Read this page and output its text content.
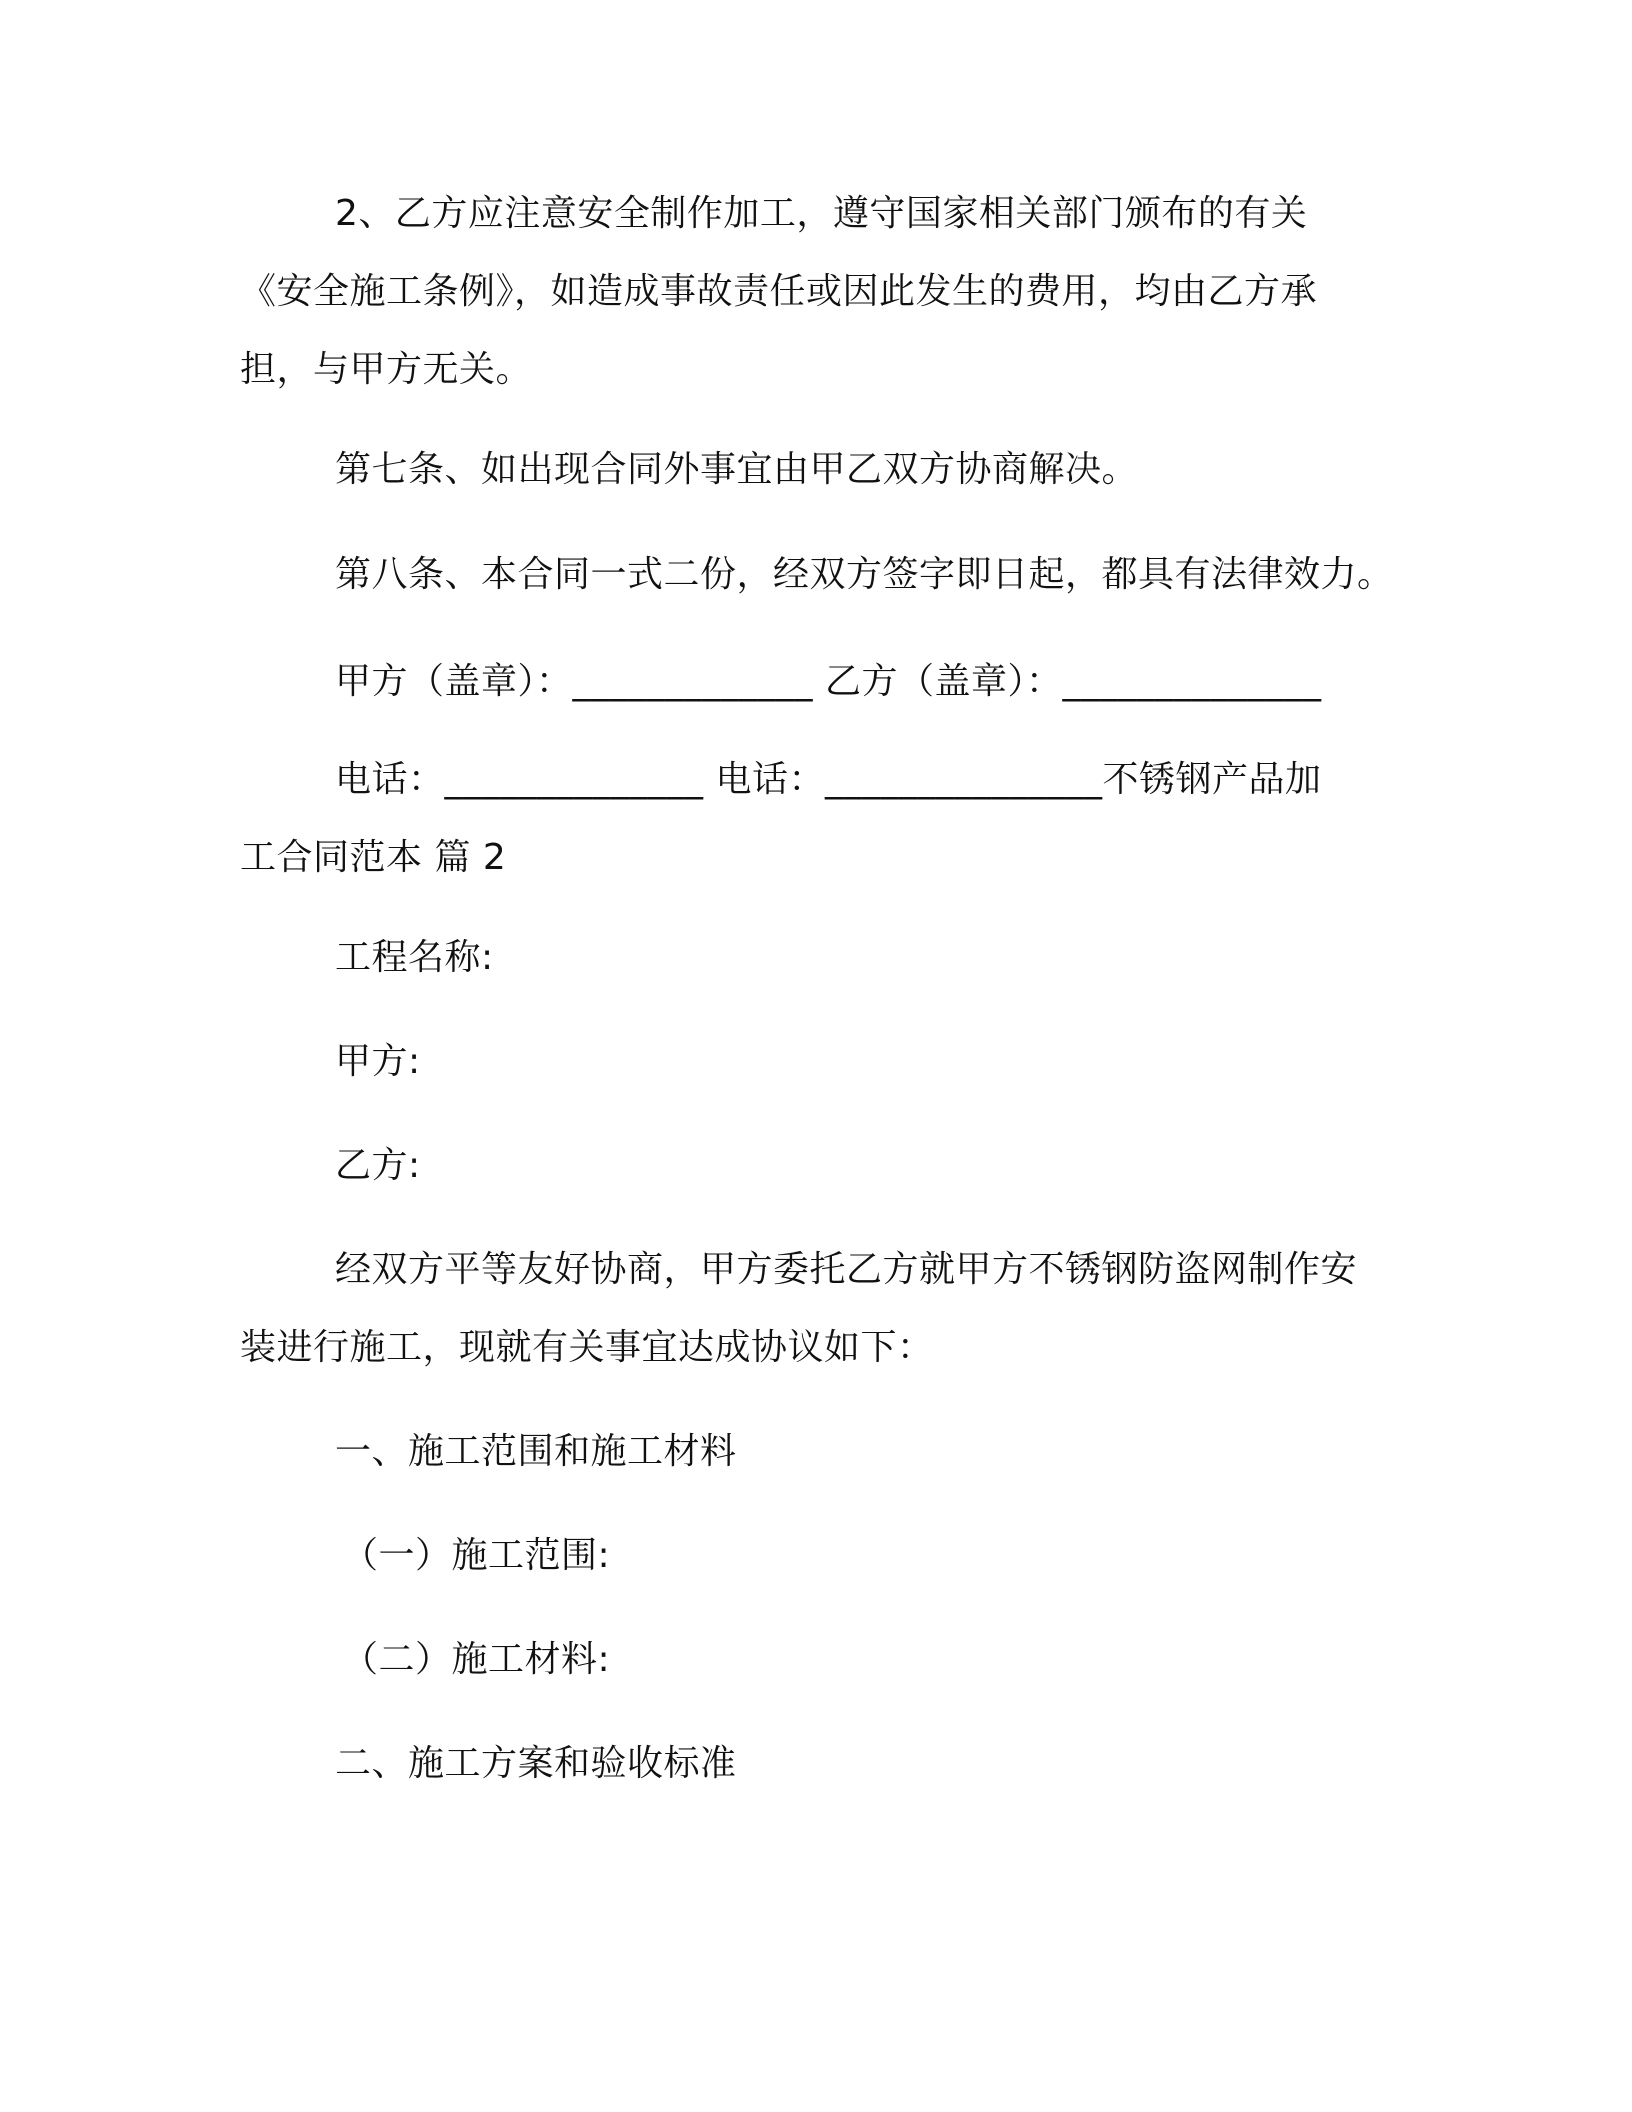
2、乙方应注意安全制作加工，遵守国家相关部门颁布的有关
《安全施工条例》，如造成事故责任或因此发生的费用，均由乙方承
担，与甲方无关。
第七条、如出现合同外事宜由甲乙双方协商解决。
第八条、本合同一式二份，经双方签字即日起，都具有法律效力。
甲方（盖章）：_____________ 乙方（盖章）：______________
电话：______________ 电话：_______________不锈钢产品加
工合同范本 篇 2
工程名称:
甲方:
乙方:
经双方平等友好协商，甲方委托乙方就甲方不锈钢防盗网制作安
装进行施工，现就有关事宜达成协议如下：
一、施工范围和施工材料
（一）施工范围:
（二）施工材料:
二、施工方案和验收标准
